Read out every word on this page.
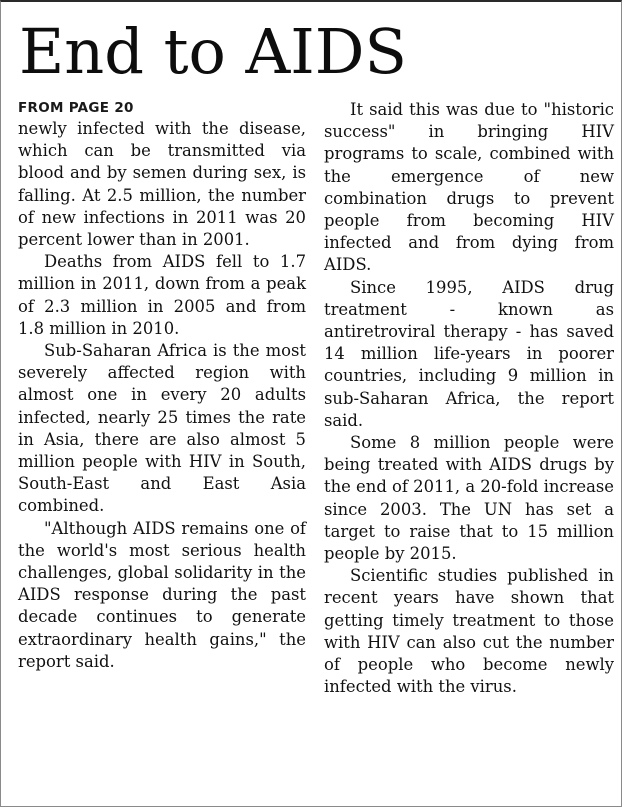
End to AIDS
FROM PAGE 20

newly infected with the disease, which can be transmitted via blood and by semen during sex, is falling. At 2.5 million, the number of new infections in 2011 was 20 percent lower than in 2001.

Deaths from AIDS fell to 1.7 million in 2011, down from a peak of 2.3 million in 2005 and from 1.8 million in 2010.

Sub-Saharan Africa is the most severely affected region with almost one in every 20 adults infected, nearly 25 times the rate in Asia, there are also almost 5 million people with HIV in South, South-East and East Asia combined.

"Although AIDS remains one of the world's most serious health challenges, global solidarity in the AIDS response during the past decade continues to generate extraordinary health gains," the report said.

It said this was due to "historic success" in bringing HIV programs to scale, combined with the emergence of new combination drugs to prevent people from becoming HIV infected and from dying from AIDS.

Since 1995, AIDS drug treatment - known as antiretroviral therapy - has saved 14 million life-years in poorer countries, including 9 million in sub-Saharan Africa, the report said.

Some 8 million people were being treated with AIDS drugs by the end of 2011, a 20-fold increase since 2003. The UN has set a target to raise that to 15 million people by 2015.

Scientific studies published in recent years have shown that getting timely treatment to those with HIV can also cut the number of people who become newly infected with the virus.
